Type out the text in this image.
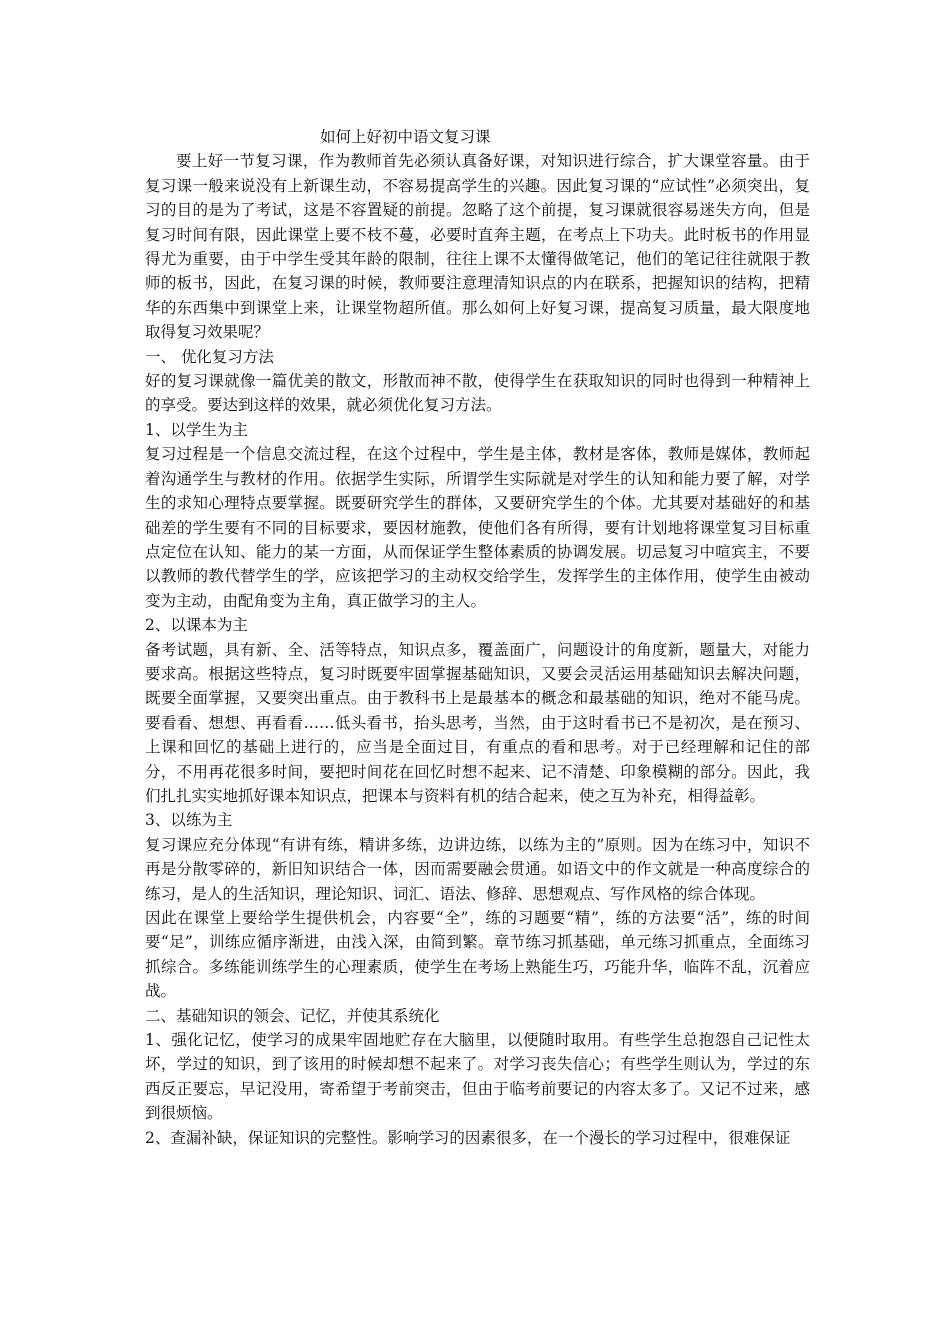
如何上好初中语文复习课

要上好一节复习课，作为教师首先必须认真备好课，对知识进行综合，扩大课堂容量。由于复习课一般来说没有上新课生动，不容易提高学生的兴趣。因此复习课的“应试性”必须突出，复习的目的是为了考试，这是不容置疑的前提。忽略了这个前提，复习课就很容易迷失方向，但是复习时间有限，因此课堂上要不枝不蔓，必要时直奔主题，在考点上下功夫。此时板书的作用显得尤为重要，由于中学生受其年龄的限制，往往上课不太懂得做笔记，他们的笔记往往就限于教师的板书，因此，在复习课的时候，教师要注意理清知识点的内在联系，把握知识的结构，把精华的东西集中到课堂上来，让课堂物超所值。那么如何上好复习课，提高复习质量，最大限度地取得复习效果呢？

一、 优化复习方法

好的复习课就像一篇优美的散文，形散而神不散，使得学生在获取知识的同时也得到一种精神上的享受。要达到这样的效果，就必须优化复习方法。

1、以学生为主

复习过程是一个信息交流过程，在这个过程中，学生是主体，教材是客体，教师是媒体，教师起着沟通学生与教材的作用。依据学生实际，所谓学生实际就是对学生的认知和能力要了解，对学生的求知心理特点要掌握。既要研究学生的群体，又要研究学生的个体。尤其要对基础好的和基础差的学生要有不同的目标要求，要因材施教，使他们各有所得，要有计划地将课堂复习目标重点定位在认知、能力的某一方面，从而保证学生整体素质的协调发展。切忌复习中喧宾主，不要以教师的教代替学生的学，应该把学习的主动权交给学生，发挥学生的主体作用，使学生由被动变为主动，由配角变为主角，真正做学习的主人。

2、以课本为主

备考试题，具有新、全、活等特点，知识点多，覆盖面广，问题设计的角度新，题量大，对能力要求高。根据这些特点，复习时既要牢固掌握基础知识，又要会灵活运用基础知识去解决问题，既要全面掌握，又要突出重点。由于教科书上是最基本的概念和最基础的知识，绝对不能马虎。要看看、想想、再看看……低头看书，抬头思考，当然，由于这时看书已不是初次，是在预习、上课和回忆的基础上进行的，应当是全面过目，有重点的看和思考。对于已经理解和记住的部分，不用再花很多时间，要把时间花在回忆时想不起来、记不清楚、印象模糊的部分。因此，我们扎扎实实地抓好课本知识点，把课本与资料有机的结合起来，使之互为补充，相得益彰。

3、以练为主

复习课应充分体现“有讲有练，精讲多练，边讲边练，以练为主的”原则。因为在练习中，知识不再是分散零碎的，新旧知识结合一体，因而需要融会贯通。如语文中的作文就是一种高度综合的练习，是人的生活知识，理论知识、词汇、语法、修辞、思想观点、写作风格的综合体现。

因此在课堂上要给学生提供机会，内容要“全”，练的习题要“精”，练的方法要“活”，练的时间要“足”，训练应循序渐进，由浅入深，由简到繁。章节练习抓基础，单元练习抓重点，全面练习抓综合。多练能训练学生的心理素质，使学生在考场上熟能生巧，巧能升华，临阵不乱，沉着应战。

二、基础知识的领会、记忆，并使其系统化

1、强化记忆，使学习的成果牢固地贮存在大脑里，以便随时取用。有些学生总抱怨自己记性太坏，学过的知识，到了该用的时候却想不起来了。对学习丧失信心；有些学生则认为，学过的东西反正要忘，早记没用，寄希望于考前突击，但由于临考前要记的内容太多了。又记不过来，感到很烦恼。

2、查漏补缺，保证知识的完整性。影响学习的因素很多，在一个漫长的学习过程中，很难保证
